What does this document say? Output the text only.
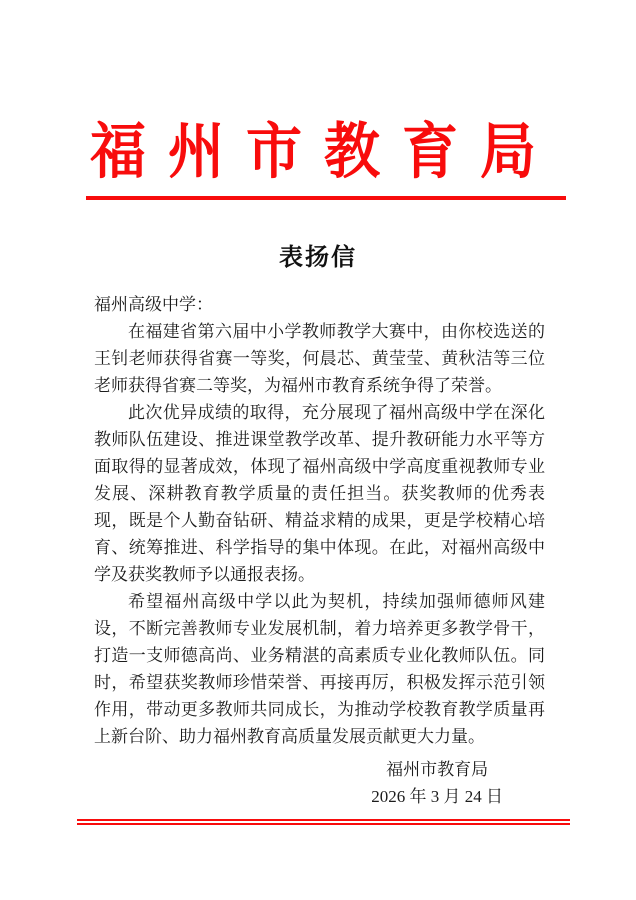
福州市教育局
表扬信

福州高级中学：

在福建省第六届中小学教师教学大赛中，由你校选送的王钊老师获得省赛一等奖，何晨芯、黄莹莹、黄秋洁等三位老师获得省赛二等奖，为福州市教育系统争得了荣誉。

此次优异成绩的取得，充分展现了福州高级中学在深化教师队伍建设、推进课堂教学改革、提升教研能力水平等方面取得的显著成效，体现了福州高级中学高度重视教师专业发展、深耕教育教学质量的责任担当。获奖教师的优秀表现，既是个人勤奋钻研、精益求精的成果，更是学校精心培育、统筹推进、科学指导的集中体现。在此，对福州高级中学及获奖教师予以通报表扬。

希望福州高级中学以此为契机，持续加强师德师风建设，不断完善教师专业发展机制，着力培养更多教学骨干，打造一支师德高尚、业务精湛的高素质专业化教师队伍。同时，希望获奖教师珍惜荣誉、再接再厉，积极发挥示范引领作用，带动更多教师共同成长，为推动学校教育教学质量再上新台阶、助力福州教育高质量发展贡献更大力量。

福州市教育局
2026 年 3 月 24 日
